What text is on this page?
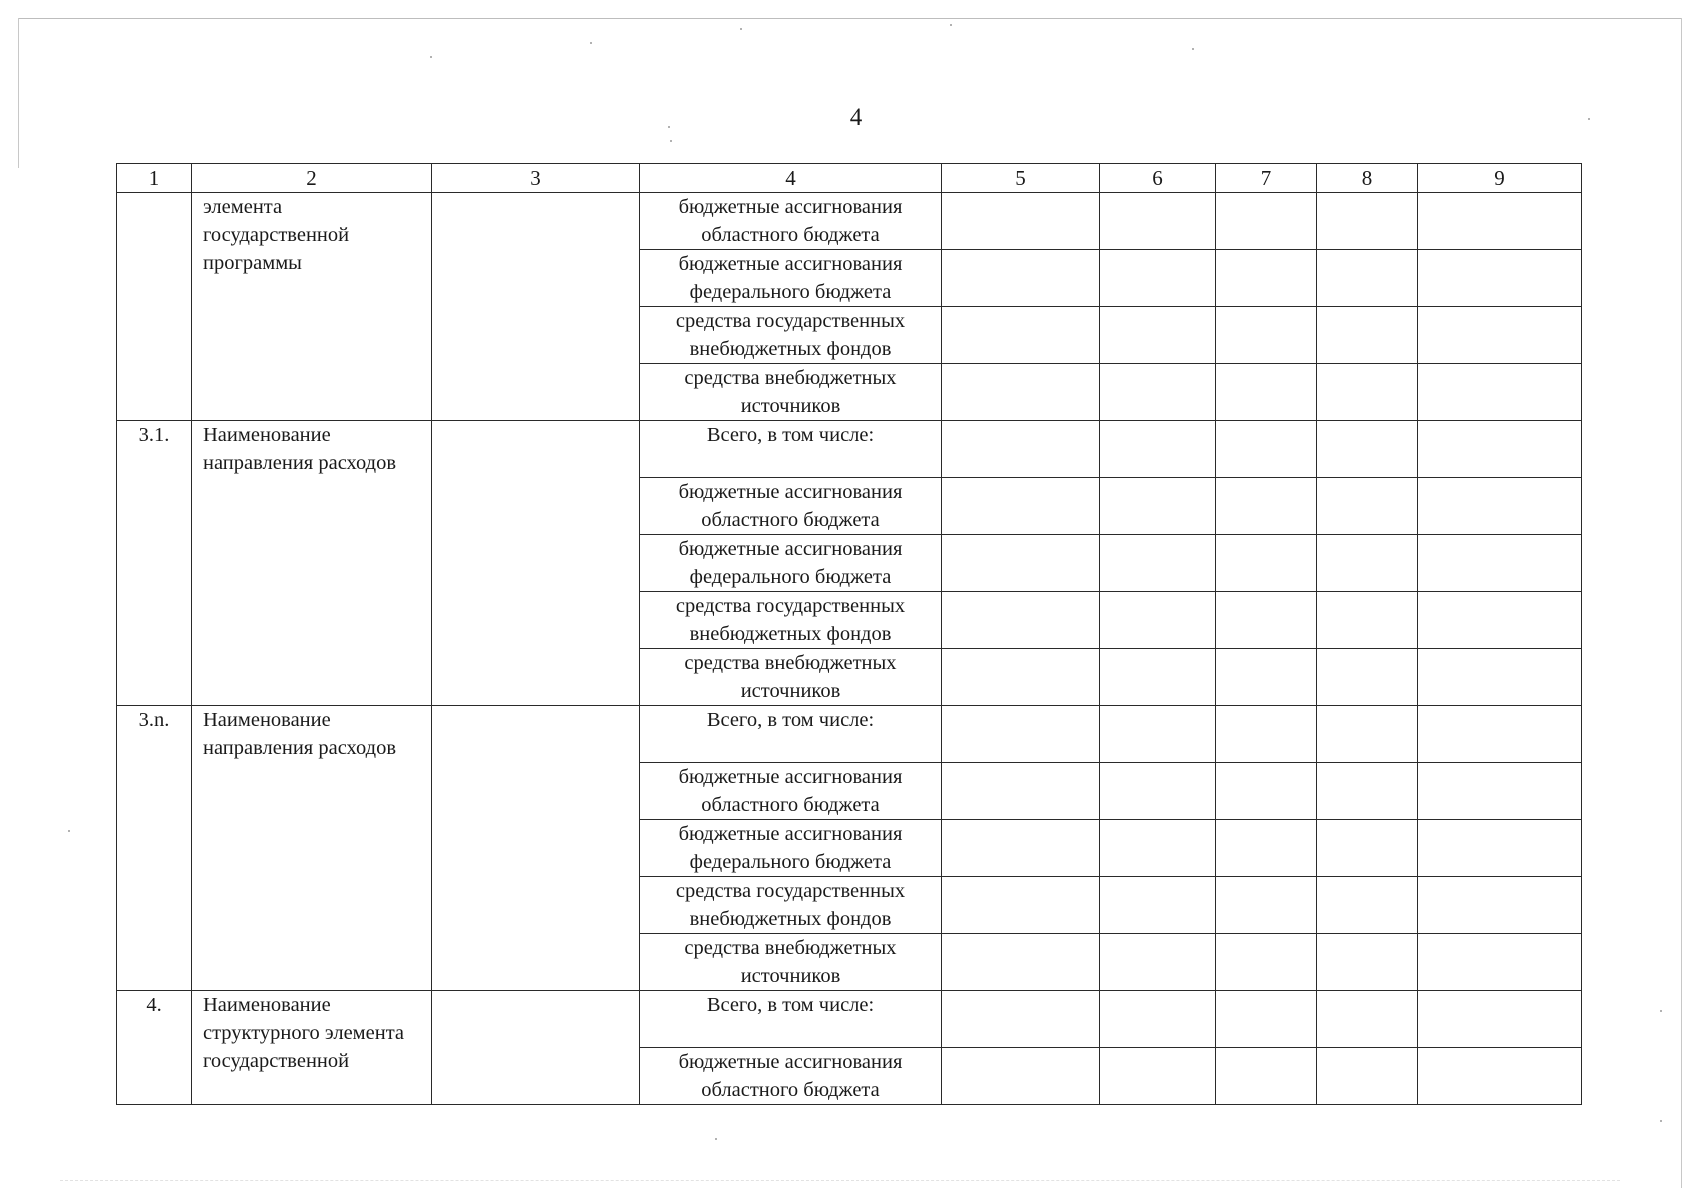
4
1	2	3	4	5	6	7	8	9
	элемента государственной программы		бюджетные ассигнования областного бюджета					
			бюджетные ассигнования федерального бюджета					
			средства государственных внебюджетных фондов					
			средства внебюджетных источников					
3.1.	Наименование направления расходов		Всего, в том числе:					
			бюджетные ассигнования областного бюджета					
			бюджетные ассигнования федерального бюджета					
			средства государственных внебюджетных фондов					
			средства внебюджетных источников					
3.n.	Наименование направления расходов		Всего, в том числе:					
			бюджетные ассигнования областного бюджета					
			бюджетные ассигнования федерального бюджета					
			средства государственных внебюджетных фондов					
			средства внебюджетных источников					
4.	Наименование структурного элемента государственной		Всего, в том числе:					
			бюджетные ассигнования областного бюджета					
